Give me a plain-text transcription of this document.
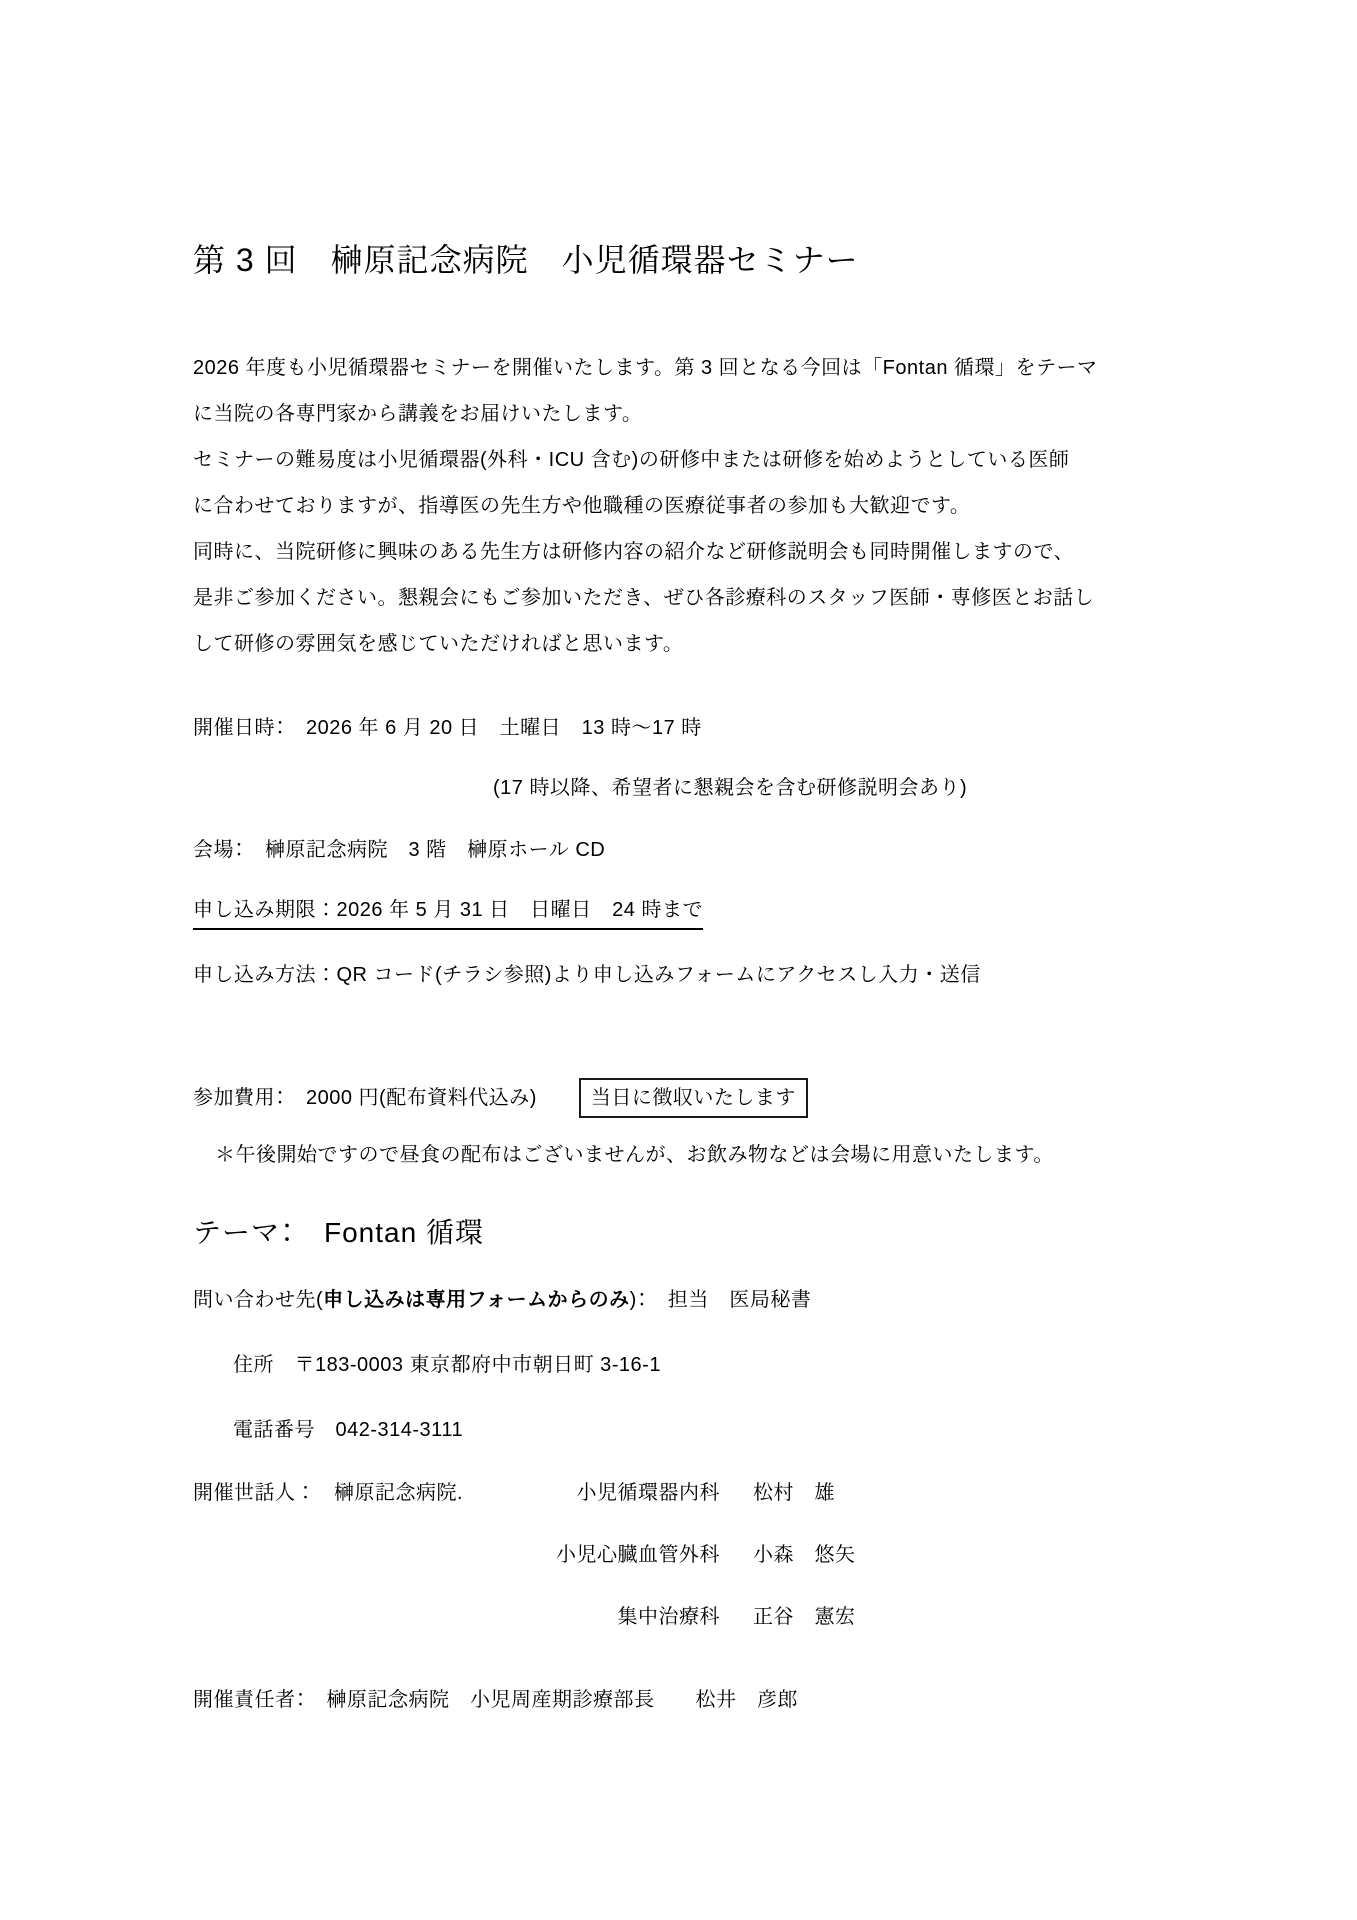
第 3 回　榊原記念病院　小児循環器セミナー
2026 年度も小児循環器セミナーを開催いたします。第 3 回となる今回は「Fontan 循環」をテーマ
に当院の各専門家から講義をお届けいたします。
セミナーの難易度は小児循環器(外科・ICU 含む)の研修中または研修を始めようとしている医師
に合わせておりますが、指導医の先生方や他職種の医療従事者の参加も大歓迎です。
同時に、当院研修に興味のある先生方は研修内容の紹介など研修説明会も同時開催しますので、
是非ご参加ください。懇親会にもご参加いただき、ぜひ各診療科のスタッフ医師・専修医とお話し
して研修の雰囲気を感じていただければと思います。
開催日時：　2026 年 6 月 20 日　土曜日　13 時～17 時
(17 時以降、希望者に懇親会を含む研修説明会あり)
会場：　榊原記念病院　3 階　榊原ホール CD
申し込み期限：2026 年 5 月 31 日　日曜日　24 時まで
申し込み方法：QR コード(チラシ参照)より申し込みフォームにアクセスし入力・送信
参加費用：　2000 円(配布資料代込み)	当日に徴収いたします
＊午後開始ですので昼食の配布はございませんが、お飲み物などは会場に用意いたします。
テーマ：　Fontan 循環
問い合わせ先(申し込みは専用フォームからのみ)：　担当　医局秘書
住所　〒183-0003 東京都府中市朝日町 3-16-1
電話番号　042-314-3111
開催世話人： 榊原記念病院.	小児循環器内科 松村　雄
小児心臓血管外科 小森　悠矢
集中治療科 正谷　憲宏
開催責任者：　榊原記念病院　小児周産期診療部長　　松井　彦郎
